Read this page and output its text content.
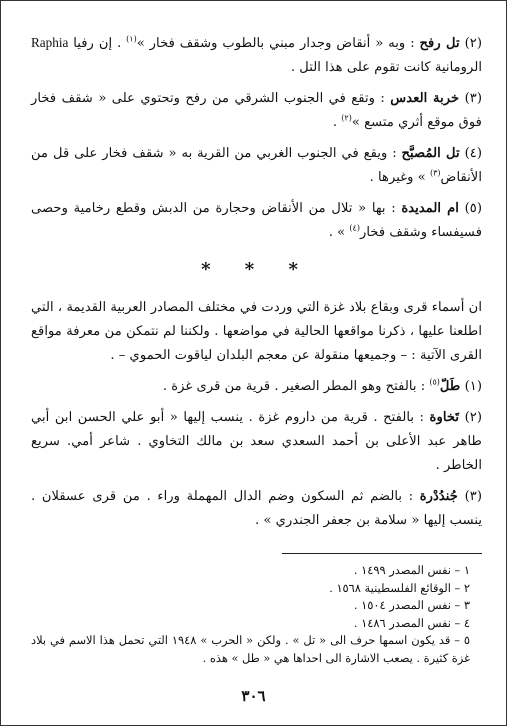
(٢) تل رفح : وبه « أنقاض وجدار مبني بالطوب وشقف فخار »$^{(١)}$ . إن رفيا Raphia الرومانية كانت تقوم على هذا التل .

(٣) خربة العدس : وتقع في الجنوب الشرقي من رفح وتحتوي على « شقف فخار فوق موقع أثري متسع »$^{(٢)}$ .

(٤) تل المُصبَّح : ويقع في الجنوب الغربي من القرية به « شقف فخار على قل من الأنقاض$^{(٣)}$ » وغيرها .

(٥) ام المديدة : بها « تلال من الأنقاض وحجارة من الدبش وقطع رخامية وحصى فسيفساء وشقف فخار$^{(٤)}$ » .

* * *

ان أسماء قرى وبقاع بلاد غزة التي وردت في مختلف المصادر العربية القديمة ، التي اطلعنا عليها ، ذكرنا مواقعها الحالية في مواضعها . ولكننا لم نتمكن من معرفة مواقع القرى الآتية : – وجميعها منقولة عن معجم البلدان لياقوت الحموي – .

(١) طَلّ$^{(٥)}$ : بالفتح وهو المطر الصغير . قرية من قرى غزة .

(٢) تَخاوة : بالفتح . قرية من داروم غزة . ينسب إليها « أبو علي الحسن ابن أبي طاهر عبد الأعلى بن أحمد السعدي سعد بن مالك التخاوي . شاعر أمي. سريع الخاطر .

(٣) جُندُدْرة : بالضم ثم السكون وضم الدال المهملة وراء . من قرى عسقلان . ينسب إليها « سلامة بن جعفر الجندري » .

١ – نفس المصدر ١٤٩٩ .
٢ – الوقائع الفلسطينية ١٥٦٨ .
٣ – نفس المصدر ١٥٠٤ .
٤ – نفس المصدر ١٤٨٦ .
٥ – قد يكون اسمها حرف الى « تل » . ولكن « الحرب » ١٩٤٨ التي تحمل هذا الاسم في بلاد غزة كثيرة . يصعب الاشارة الى احداها هي « طل » هذه .
٣٠٦
